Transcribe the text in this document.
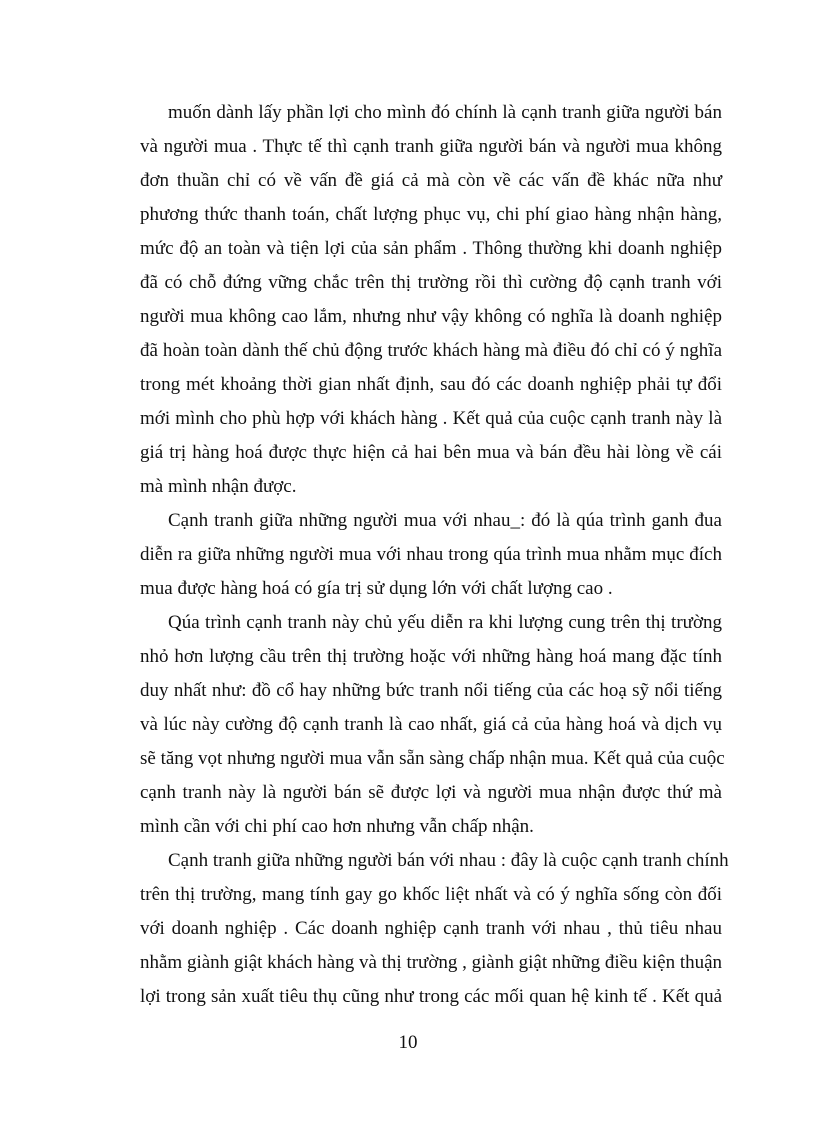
muốn dành lấy phần lợi cho mình đó chính là cạnh tranh giữa người bán
và người mua . Thực tế thì cạnh tranh giữa người bán và người mua không
đơn thuần chỉ có về vấn đề giá cả mà còn về các vấn đề khác nữa như
phương thức thanh toán, chất lượng phục vụ, chi phí giao hàng nhận hàng,
mức độ an toàn và tiện lợi của sản phẩm . Thông thường khi doanh nghiệp
đã có chỗ đứng vững chắc trên thị trường rồi thì cường độ cạnh tranh với
người mua không cao lắm, nhưng như vậy không có nghĩa là doanh nghiệp
đã hoàn toàn dành thế chủ động trước khách hàng mà điều đó chỉ có ý nghĩa
trong mét khoảng thời gian nhất định, sau đó các doanh nghiệp phải tự đổi
mới mình cho phù hợp với khách hàng . Kết quả của cuộc cạnh tranh này là
giá trị hàng hoá được thực hiện cả hai bên mua và bán đều hài lòng về cái
mà mình nhận được.
Cạnh tranh giữa những người mua với nhau_: đó là qúa trình ganh đua
diễn ra giữa những người mua với nhau trong qúa trình mua nhằm mục đích
mua được hàng hoá có gía trị sử dụng lớn với chất lượng cao .
Qúa trình cạnh tranh này chủ yếu diễn ra khi lượng cung trên thị trường
nhỏ hơn lượng cầu trên thị trường hoặc với những hàng hoá mang đặc tính
duy nhất như: đồ cổ hay những bức tranh nổi tiếng của các hoạ sỹ nổi tiếng
và lúc này cường độ cạnh tranh là cao nhất, giá cả của hàng hoá và dịch vụ
sẽ tăng vọt nhưng người mua vẫn sẵn sàng chấp nhận mua. Kết quả của cuộc
cạnh tranh này là người bán sẽ được lợi và người mua nhận được thứ mà
mình cần với chi phí cao hơn nhưng vẫn chấp nhận.
Cạnh tranh giữa những người bán với nhau : đây là cuộc cạnh tranh chính
trên thị trường, mang tính gay go khốc liệt nhất và có ý nghĩa sống còn đối
với doanh nghiệp . Các doanh nghiệp cạnh tranh với nhau , thủ tiêu nhau
nhằm giành giật khách hàng và thị trường , giành giật những điều kiện thuận
lợi trong sản xuất tiêu thụ cũng như trong các mối quan hệ kinh tế . Kết quả
10
